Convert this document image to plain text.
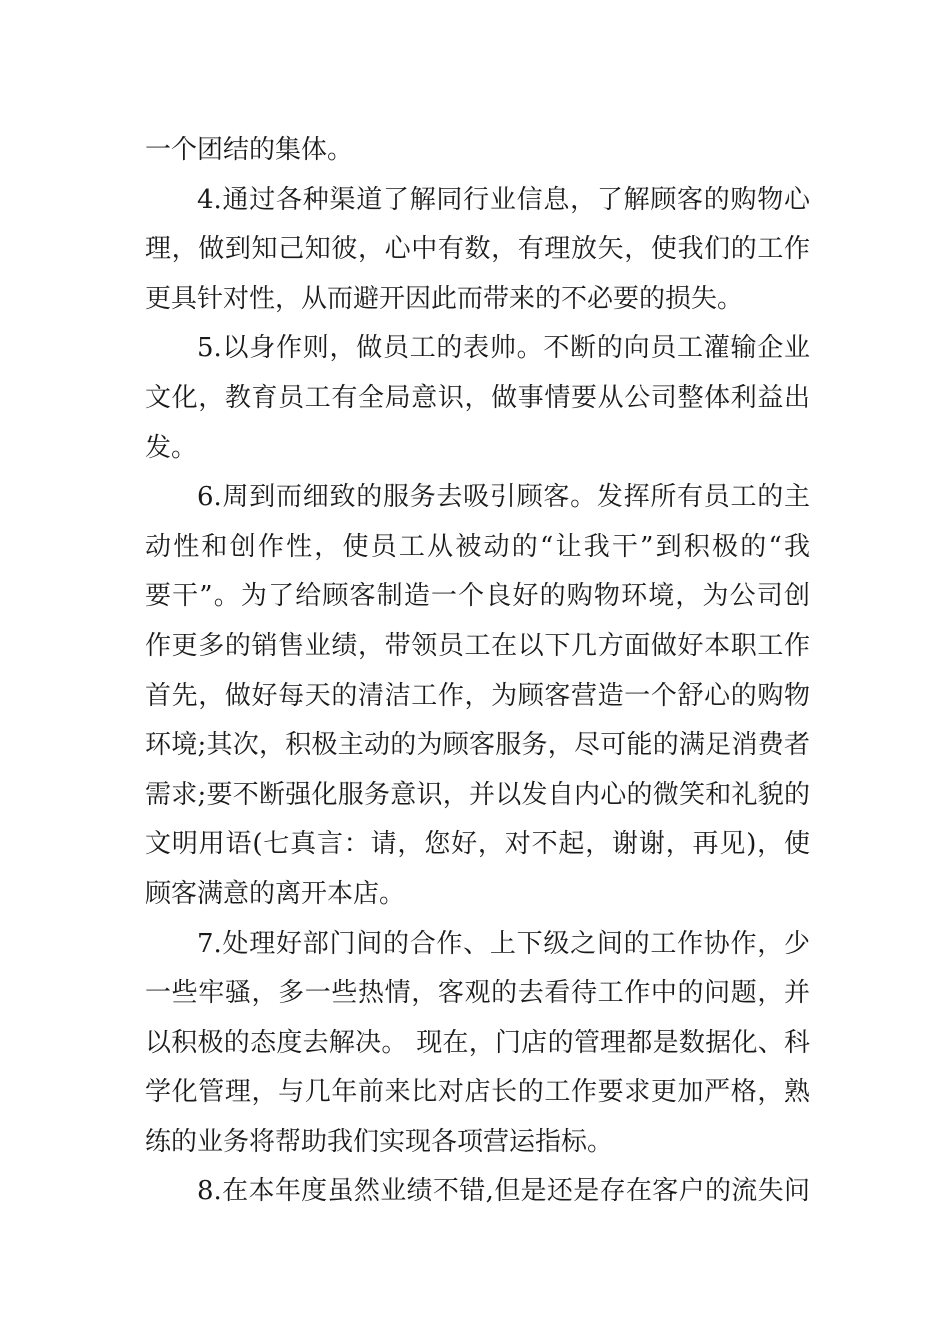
一个团结的集体。
4.通过各种渠道了解同行业信息，了解顾客的购物心
理，做到知己知彼，心中有数，有理放矢，使我们的工作
更具针对性，从而避开因此而带来的不必要的损失。
5.以身作则，做员工的表帅。不断的向员工灌输企业
文化，教育员工有全局意识，做事情要从公司整体利益出
发。
6.周到而细致的服务去吸引顾客。发挥所有员工的主
动性和创作性，使员工从被动的“让我干”到积极的“我
要干”。为了给顾客制造一个良好的购物环境，为公司创
作更多的销售业绩，带领员工在以下几方面做好本职工作
首先，做好每天的清洁工作，为顾客营造一个舒心的购物
环境;其次，积极主动的为顾客服务，尽可能的满足消费者
需求;要不断强化服务意识，并以发自内心的微笑和礼貌的
文明用语(七真言：请，您好，对不起，谢谢，再见)，使
顾客满意的离开本店。
7.处理好部门间的合作、上下级之间的工作协作，少
一些牢骚，多一些热情，客观的去看待工作中的问题，并
以积极的态度去解决。 现在，门店的管理都是数据化、科
学化管理，与几年前来比对店长的工作要求更加严格，熟
练的业务将帮助我们实现各项营运指标。
8.在本年度虽然业绩不错,但是还是存在客户的流失问
